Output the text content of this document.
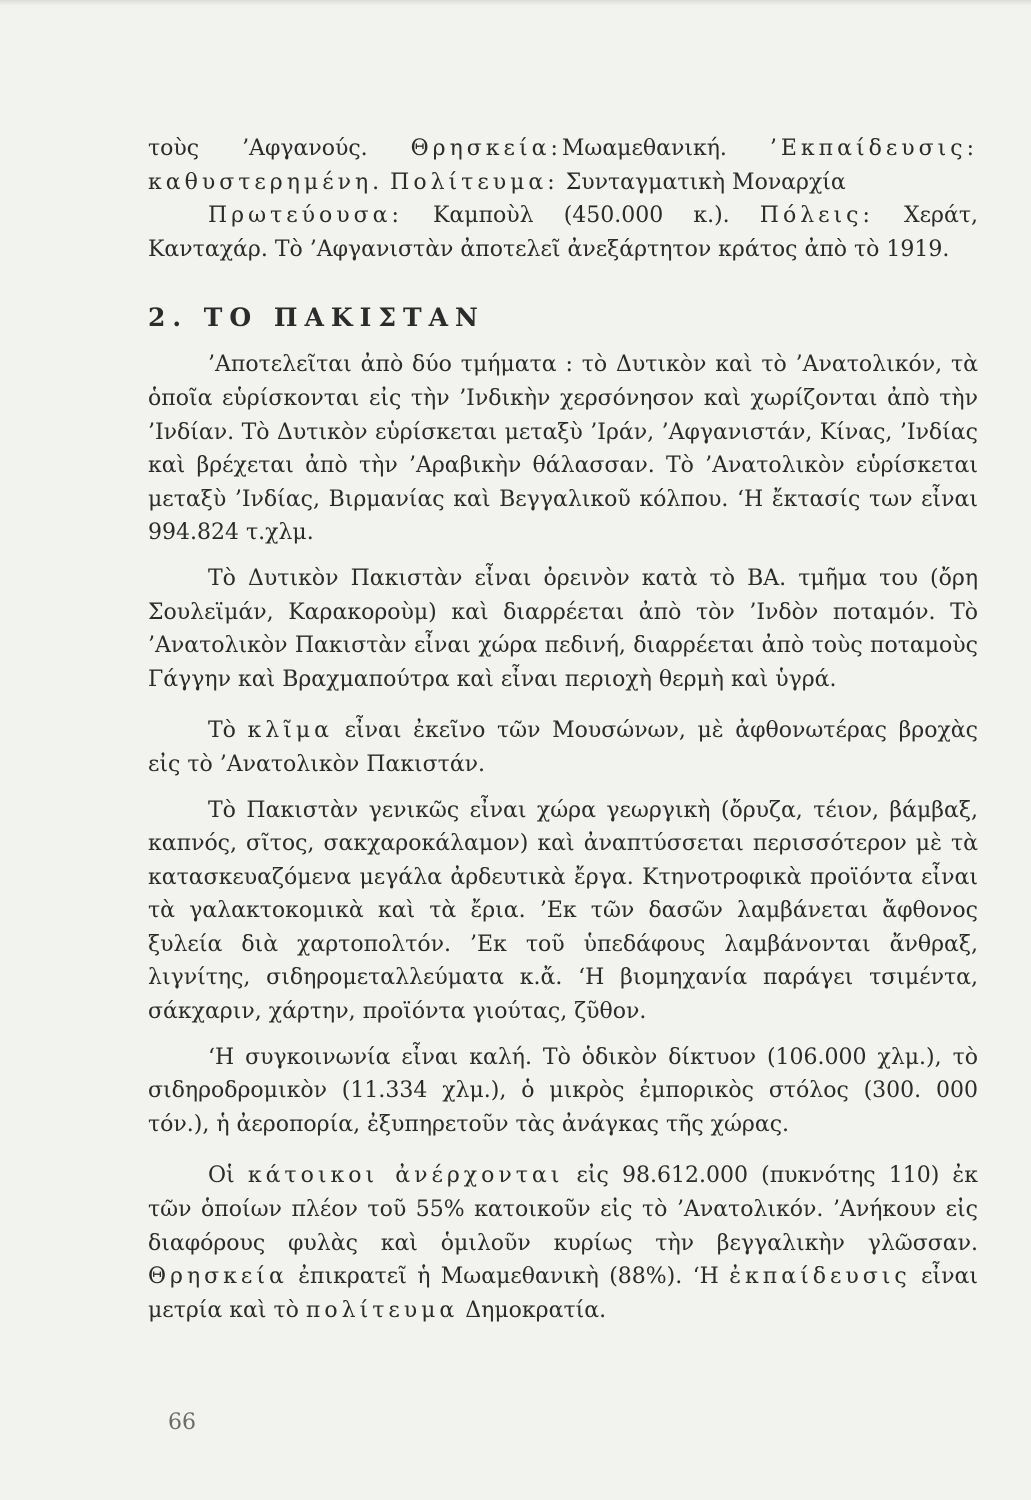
τοὺς ’Αφγανούς. Θρησκεία:Μωαμεθανική. ’Εκπαίδευσις: καθυστερημένη. Πολίτευμα: Συνταγματικὴ Μοναρχία

Πρωτεύουσα: Καμποὺλ (450.000 κ.). Πόλεις: Χεράτ, Κανταχάρ. Τὸ ’Αφγανιστὰν ἀποτελεῖ ἀνεξάρτητον κράτος ἀπὸ τὸ 1919.

2. ΤΟ ΠΑΚΙΣΤΑΝ

’Αποτελεῖται ἀπὸ δύο τμήματα : τὸ Δυτικὸν καὶ τὸ ’Ανατολικόν, τὰ ὁποῖα εὑρίσκονται εἰς τὴν ’Ινδικὴν χερσόνησον καὶ χωρίζονται ἀπὸ τὴν ’Ινδίαν. Τὸ Δυτικὸν εὑρίσκεται μεταξὺ ’Ιράν, ’Αφγανιστάν, Κίνας, ’Ινδίας καὶ βρέχεται ἀπὸ τὴν ’Αραβικὴν θάλασσαν. Τὸ ’Ανατολικὸν εὑρίσκεται μεταξὺ ’Ινδίας, Βιρμανίας καὶ Βεγγαλικοῦ κόλπου. ‘Η ἔκτασίς των εἶναι 994.824 τ.χλμ.

Τὸ Δυτικὸν Πακιστὰν εἶναι ὀρεινὸν κατὰ τὸ ΒΑ. τμῆμα του (ὄρη Σουλεϊμάν, Καρακοροὺμ) καὶ διαρρέεται ἀπὸ τὸν ’Ινδὸν ποταμόν. Τὸ ’Ανατολικὸν Πακιστὰν εἶναι χώρα πεδινή, διαρρέεται ἀπὸ τοὺς ποταμοὺς Γάγγην καὶ Βραχμαπούτρα καὶ εἶναι περιοχὴ θερμὴ καὶ ὑγρά.

Τὸ κλῖμα εἶναι ἐκεῖνο τῶν Μουσώνων, μὲ ἀφθονωτέρας βροχὰς εἰς τὸ ’Ανατολικὸν Πακιστάν.

Τὸ Πακιστὰν γενικῶς εἶναι χώρα γεωργικὴ (ὄρυζα, τέιον, βάμβαξ, καπνός, σῖτος, σακχαροκάλαμον) καὶ ἀναπτύσσεται περισσότερον μὲ τὰ κατασκευαζόμενα μεγάλα ἀρδευτικὰ ἔργα. Κτηνοτροφικὰ προϊόντα εἶναι τὰ γαλακτοκομικὰ καὶ τὰ ἔρια. ’Εκ τῶν δασῶν λαμβάνεται ἄφθονος ξυλεία διὰ χαρτοπολτόν. ’Εκ τοῦ ὑπεδάφους λαμβάνονται ἄνθραξ, λιγνίτης, σιδηρομεταλλεύματα κ.ἄ. ‘Η βιομηχανία παράγει τσιμέντα, σάκχαριν, χάρτην, προϊόντα γιούτας, ζῦθον.

‘Η συγκοινωνία εἶναι καλή. Τὸ ὁδικὸν δίκτυον (106.000 χλμ.), τὸ σιδηροδρομικὸν (11.334 χλμ.), ὁ μικρὸς ἐμπορικὸς στόλος (300. 000 τόν.), ἡ ἀεροπορία, ἐξυπηρετοῦν τὰς ἀνάγκας τῆς χώρας.

Οἱ κάτοικοι ἀνέρχονται εἰς 98.612.000 (πυκνότης 110) ἐκ τῶν ὁποίων πλέον τοῦ 55% κατοικοῦν εἰς τὸ ’Ανατολικόν. ’Ανήκουν εἰς διαφόρους φυλὰς καὶ ὁμιλοῦν κυρίως τὴν βεγγαλικὴν γλῶσσαν. Θρησκεία ἐπικρατεῖ ἡ Μωαμεθανικὴ (88%). ‘Η ἐκπαίδευσις εἶναι μετρία καὶ τὸ πολίτευμα Δημοκρατία.

66
